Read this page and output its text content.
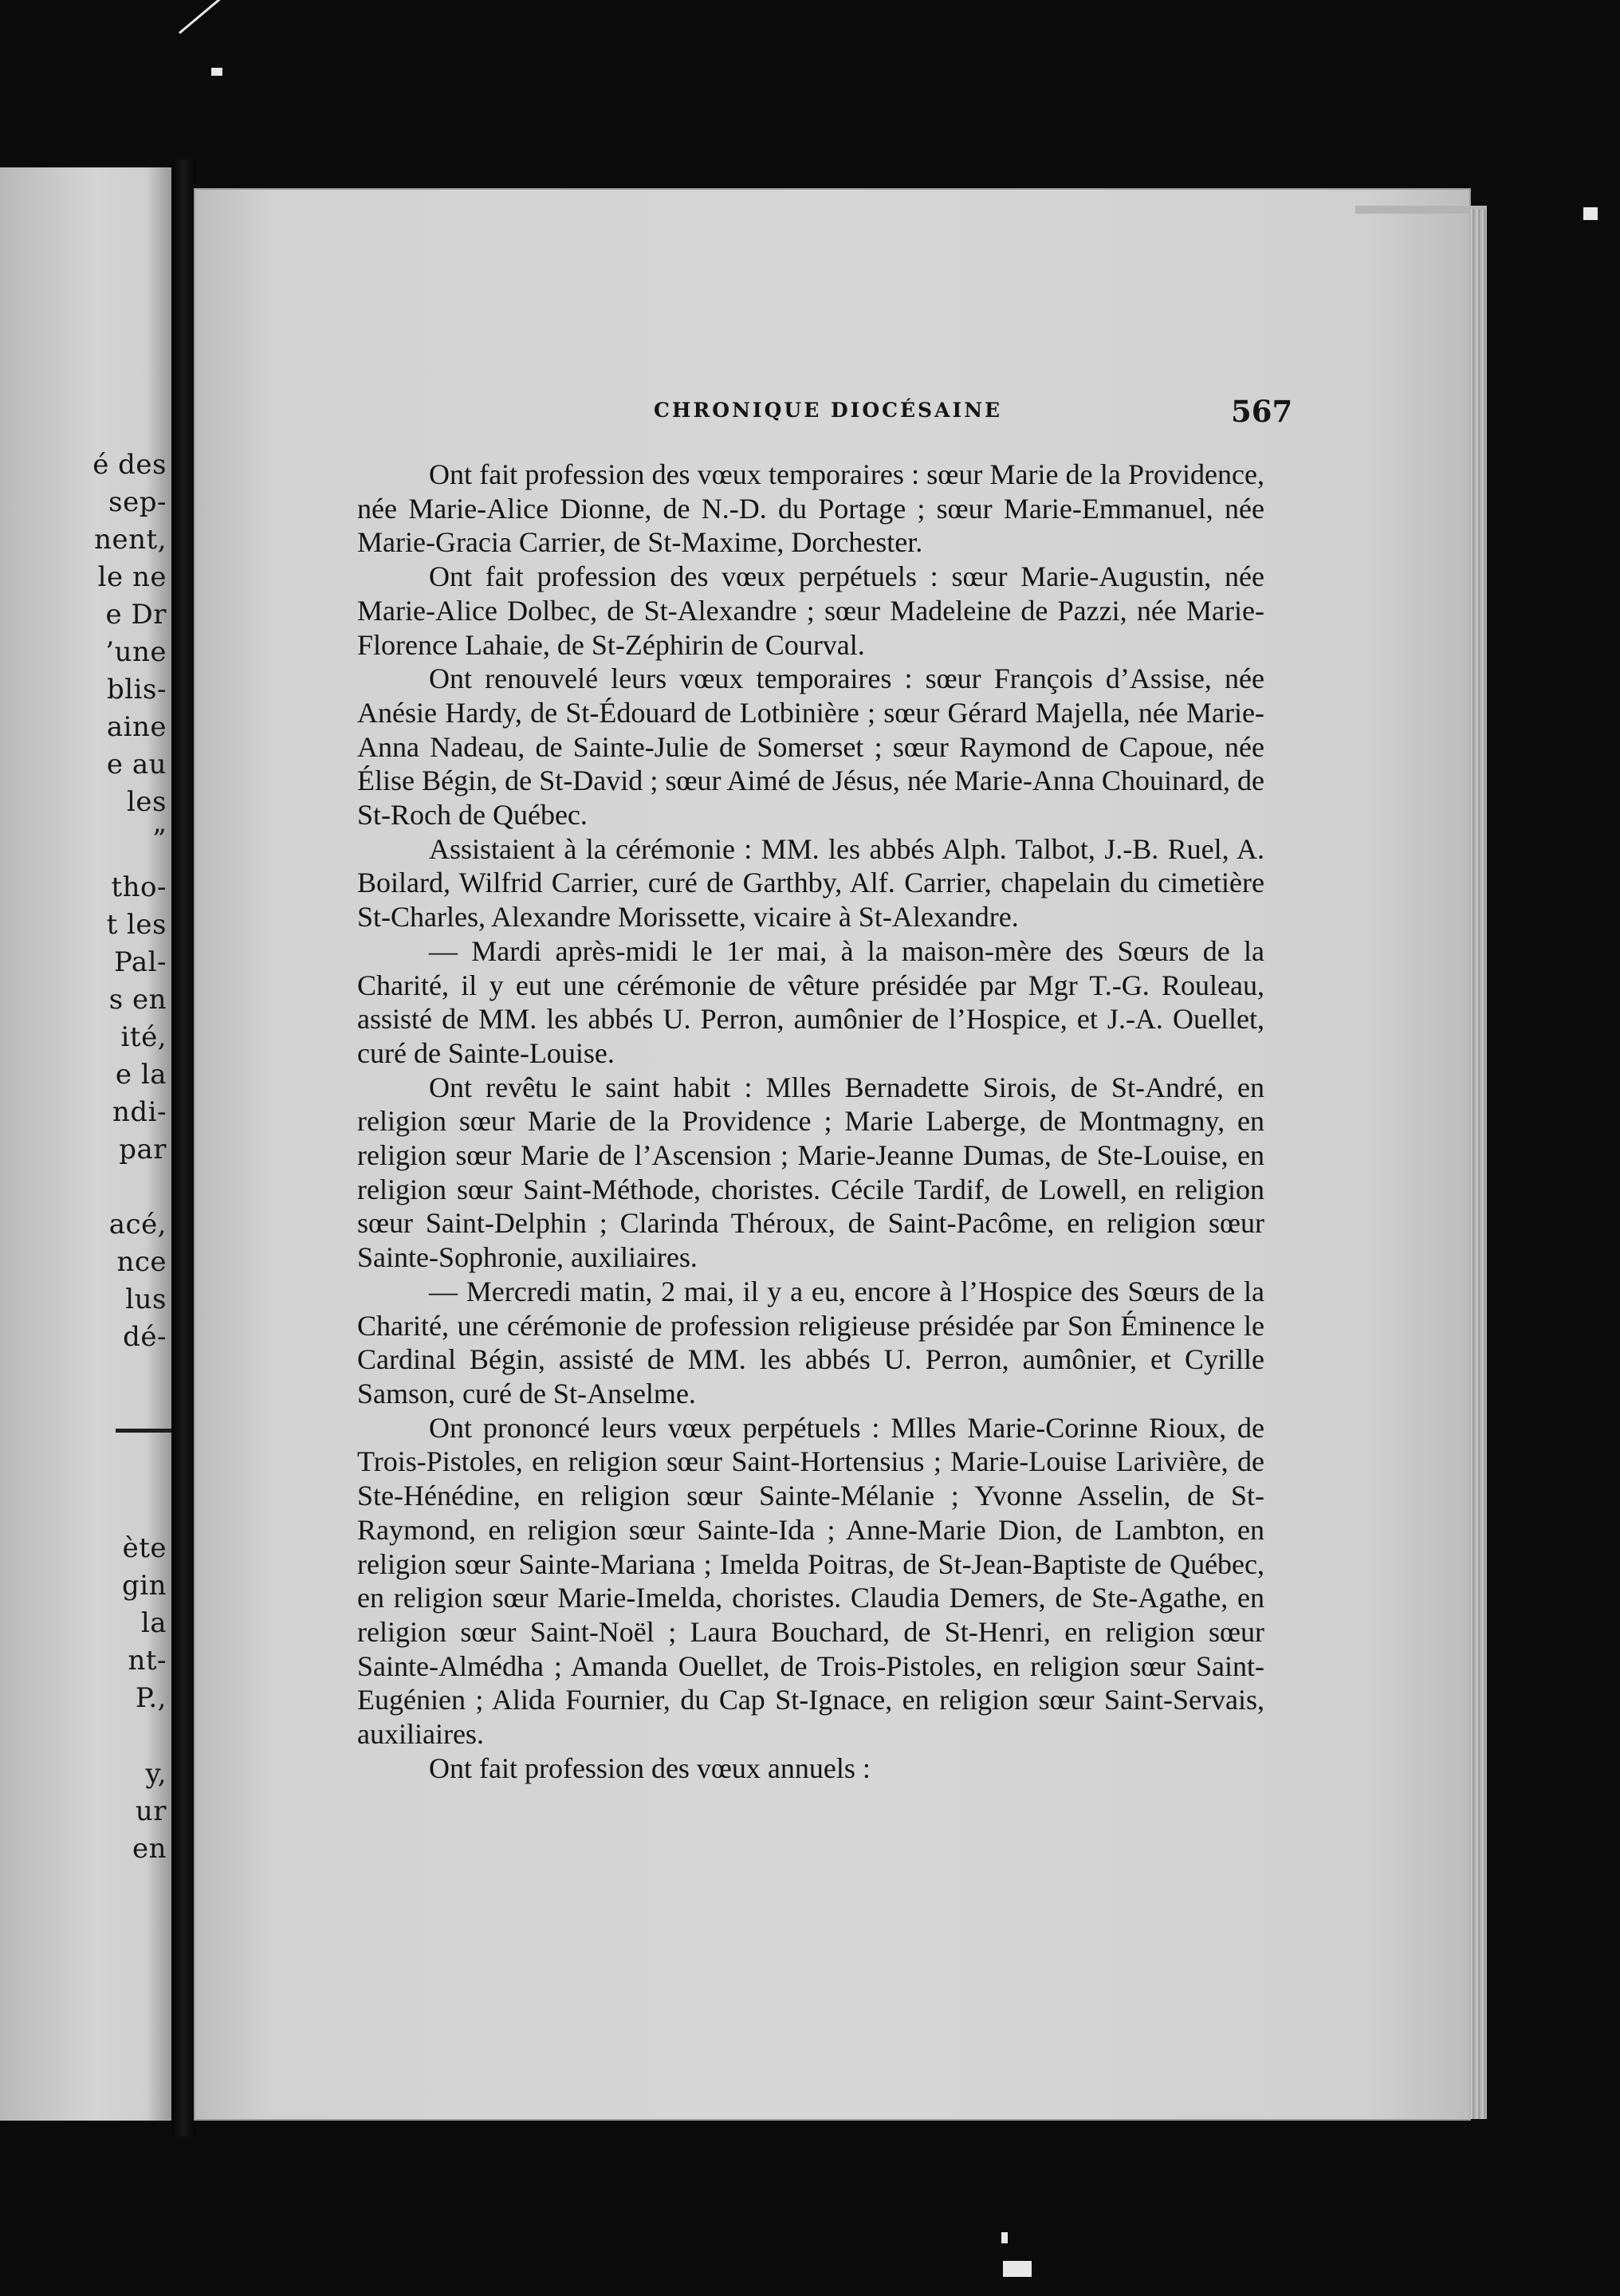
é des
sep-
nent,
le ne
e Dr
’une
blis-
aine
e au
les
”
tho-
t les
Pal-
s en
ité,
e la
ndi-
par
acé,
nce
lus
dé-
ète
gin
la
nt-
P.,
y,
ur
en
CHRONIQUE DIOCÉSAINE	567

Ont fait profession des vœux temporaires : sœur Marie de la Providence, née Marie-Alice Dionne, de N.-D. du Portage ; sœur Marie-Emmanuel, née Marie-Gracia Carrier, de St-Maxime, Dorchester.

Ont fait profession des vœux perpétuels : sœur Marie-Augustin, née Marie-Alice Dolbec, de St-Alexandre ; sœur Madeleine de Pazzi, née Marie-Florence Lahaie, de St-Zéphirin de Courval.

Ont renouvelé leurs vœux temporaires : sœur François d’Assise, née Anésie Hardy, de St-Édouard de Lotbinière ; sœur Gérard Majella, née Marie-Anna Nadeau, de Sainte-Julie de Somerset ; sœur Raymond de Capoue, née Élise Bégin, de St-David ; sœur Aimé de Jésus, née Marie-Anna Chouinard, de St-Roch de Québec.

Assistaient à la cérémonie : MM. les abbés Alph. Talbot, J.-B. Ruel, A. Boilard, Wilfrid Carrier, curé de Garthby, Alf. Carrier, chapelain du cimetière St-Charles, Alexandre Morissette, vicaire à St-Alexandre.

— Mardi après-midi le 1er mai, à la maison-mère des Sœurs de la Charité, il y eut une cérémonie de vêture présidée par Mgr T.-G. Rouleau, assisté de MM. les abbés U. Perron, aumônier de l’Hospice, et J.-A. Ouellet, curé de Sainte-Louise.

Ont revêtu le saint habit : Mlles Bernadette Sirois, de St-André, en religion sœur Marie de la Providence ; Marie Laberge, de Montmagny, en religion sœur Marie de l’Ascension ; Marie-Jeanne Dumas, de Ste-Louise, en religion sœur Saint-Méthode, choristes. Cécile Tardif, de Lowell, en religion sœur Saint-Delphin ; Clarinda Théroux, de Saint-Pacôme, en religion sœur Sainte-Sophronie, auxiliaires.

— Mercredi matin, 2 mai, il y a eu, encore à l’Hospice des Sœurs de la Charité, une cérémonie de profession religieuse présidée par Son Éminence le Cardinal Bégin, assisté de MM. les abbés U. Perron, aumônier, et Cyrille Samson, curé de St-Anselme.

Ont prononcé leurs vœux perpétuels : Mlles Marie-Corinne Rioux, de Trois-Pistoles, en religion sœur Saint-Hortensius ; Marie-Louise Larivière, de Ste-Hénédine, en religion sœur Sainte-Mélanie ; Yvonne Asselin, de St-Raymond, en religion sœur Sainte-Ida ; Anne-Marie Dion, de Lambton, en religion sœur Sainte-Mariana ; Imelda Poitras, de St-Jean-Baptiste de Québec, en religion sœur Marie-Imelda, choristes. Claudia Demers, de Ste-Agathe, en religion sœur Saint-Noël ; Laura Bouchard, de St-Henri, en religion sœur Sainte-Almédha ; Amanda Ouellet, de Trois-Pistoles, en religion sœur Saint-Eugénien ; Alida Fournier, du Cap St-Ignace, en religion sœur Saint-Servais, auxiliaires.

Ont fait profession des vœux annuels :
